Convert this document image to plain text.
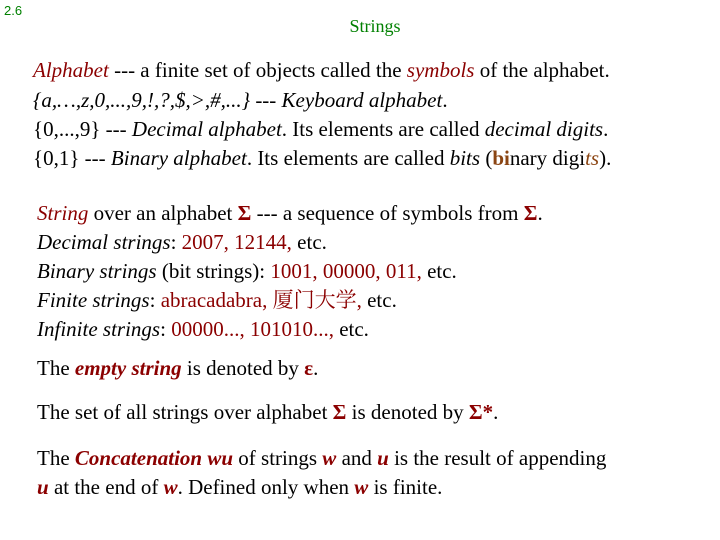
2.6
Strings
Alphabet --- a finite set of objects called the symbols of the alphabet.
{a,…,z,0,...,9,!,?,$,>,#,...} --- Keyboard alphabet.
{0,...,9} --- Decimal alphabet. Its elements are called decimal digits.
{0,1} --- Binary alphabet. Its elements are called bits (binary digits).
String over an alphabet Σ --- a sequence of symbols from Σ.
Decimal strings: 2007, 12144, etc.
Binary strings (bit strings): 1001, 00000, 011, etc.
Finite strings: abracadabra, 厦门大学, etc.
Infinite strings: 00000..., 101010..., etc.
The empty string is denoted by ε.
The set of all strings over alphabet Σ is denoted by Σ*.
The Concatenation wu of strings w and u is the result of appending
u at the end of w. Defined only when w is finite.
